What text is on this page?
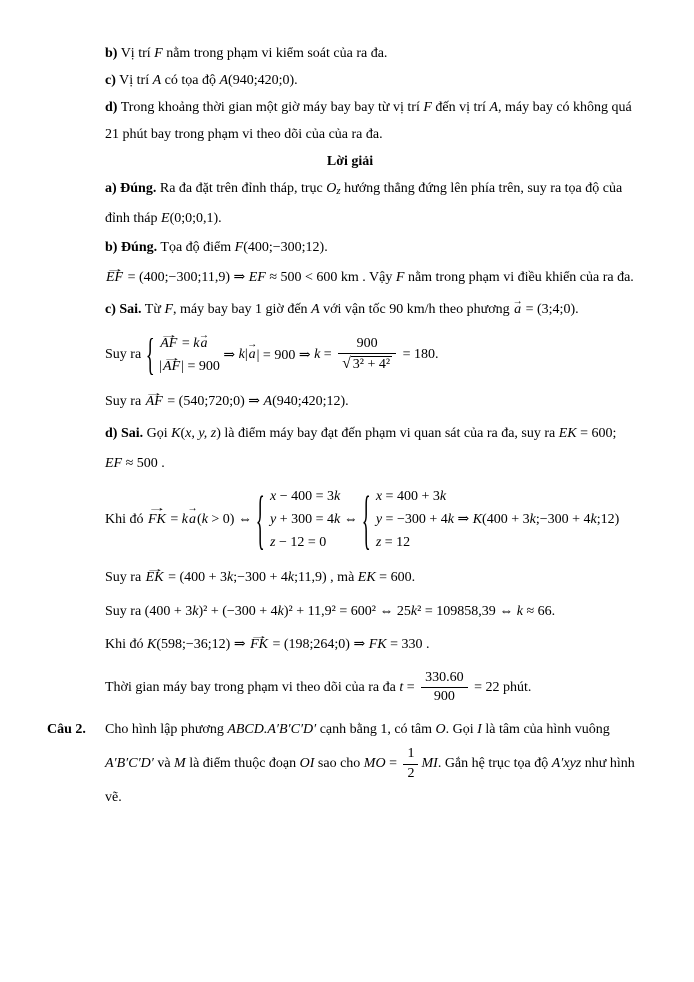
b) Vị trí F nằm trong phạm vi kiểm soát của ra đa.

c) Vị trí A có tọa độ A(940;420;0).

d) Trong khoảng thời gian một giờ máy bay bay từ vị trí F đến vị trí A, máy bay có không quá

21 phút bay trong phạm vi theo dõi của của ra đa.

Lời giải

a) Đúng. Ra đa đặt trên đỉnh tháp, trục Oz hướng thẳng đứng lên phía trên, suy ra tọa độ của

đỉnh tháp E(0;0;0,1).

b) Đúng. Tọa độ điểm F(400;−300;12).

EF → = (400;−300;11,9) ⇒ EF ≈ 500 < 600 km . Vậy F nằm trong phạm vi điều khiển của ra đa.

c) Sai. Từ F, máy bay bay 1 giờ đến A với vận tốc 90 km/h theo phương a → = (3;4;0).

Suy ra
{
AF → = ka →
|AF →| = 900
⇒ k | a → | = 900 ⇒ k = 900
√ 3² + 4² = 180.

Suy ra AF → = (540;720;0) ⇒ A(940;420;12).

d) Sai. Gọi K(x, y, z) là điểm máy bay đạt đến phạm vi quan sát của ra đa, suy ra EK = 600;

EF ≈ 500 .

Khi đó FK → = k a → ( k > 0) ⇔
{
x − 400 = 3k
y + 300 = 4k
z − 12 = 0
⇔
{
x = 400 + 3k
y = −300 + 4k
z = 12
⇒ K (400 + 3 k ;−300 + 4 k ;12)

Suy ra EK → = (400 + 3k;−300 + 4k;11,9) , mà EK = 600.

Suy ra (400 + 3k)² + (−300 + 4k)² + 11,9² = 600² ⇔ 25k² = 109858,39 ⇔ k ≈ 66.

Khi đó K(598;−36;12) ⇒ FK → = (198;264;0) ⇒ FK = 330 .

Thời gian máy bay trong phạm vi theo dõi của ra đa $t = \frac{330.60}{900} = 22$ phút.

Câu 2.	Cho hình lập phương ABCD.A′B′C′D′ cạnh bằng 1, có tâm O. Gọi I là tâm của hình vuông A′B′C′D′ và M là điểm thuộc đoạn OI sao cho MO = $\frac{1}{2}$ MI. Gắn hệ trục tọa độ A′xyz như hình vẽ.
